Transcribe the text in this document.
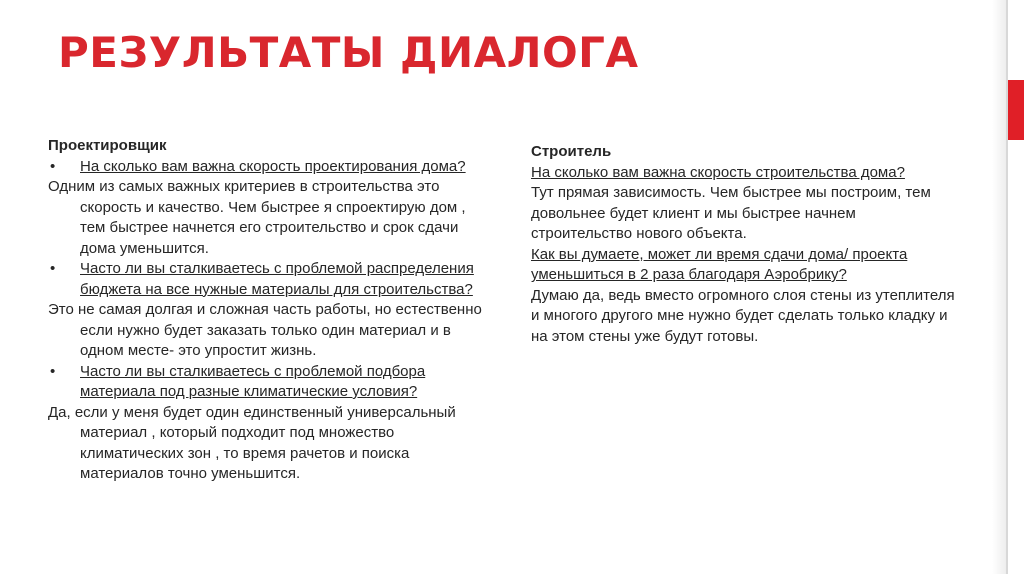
РЕЗУЛЬТАТЫ ДИАЛОГА
Проектировщик
•	На сколько вам важна скорость проектирования дома?
Одним из самых важных критериев в строительства это скорость и качество. Чем быстрее я спроектирую дом , тем быстрее начнется его строительство и срок сдачи дома уменьшится.
•	Часто ли вы сталкиваетесь с проблемой распределения бюджета на все нужные материалы для строительства?
Это не самая долгая и сложная часть работы, но естественно если нужно будет заказать только один материал и в одном месте- это упростит жизнь.
•	Часто ли вы сталкиваетесь с проблемой подбора материала под разные климатические условия?
Да, если у меня будет один единственный универсальный материал , который подходит под множество климатических зон , то время рачетов и поиска материалов точно уменьшится.
Строитель
На сколько вам важна скорость строительства дома?
Тут прямая зависимость. Чем быстрее мы построим, тем довольнее будет клиент и мы быстрее начнем строительство нового объекта.
Как вы думаете, может ли время сдачи дома/ проекта уменьшиться в 2 раза благодаря Аэробрику?
Думаю да, ведь вместо огромного слоя стены из утеплителя и многого другого мне нужно будет сделать только кладку и на этом стены уже будут готовы.
